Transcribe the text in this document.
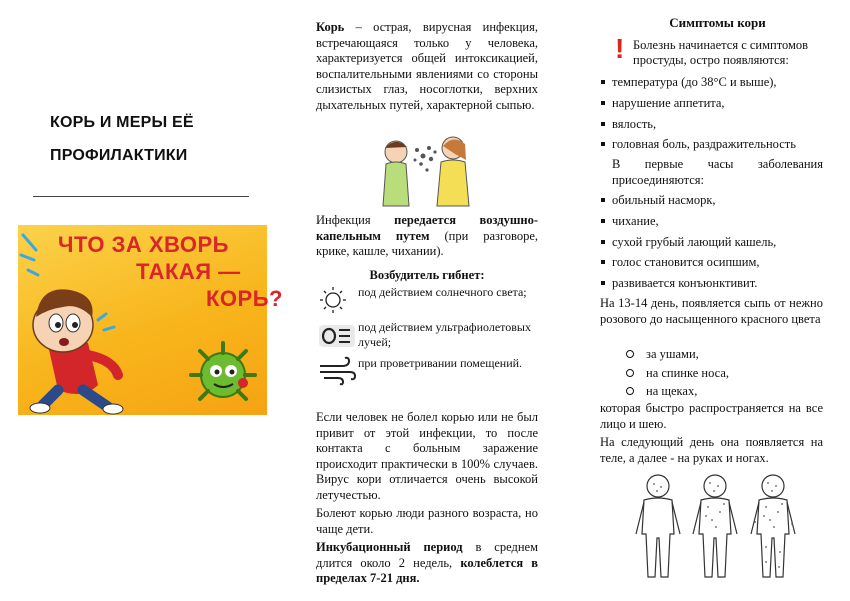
КОРЬ И МЕРЫ ЕЁ
ПРОФИЛАКТИКИ
ЧТО ЗА ХВОРЬ
ТАКАЯ —
КОРЬ?

Корь – острая, вирусная инфекция, встречающаяся только у человека, характеризуется общей интоксикацией, воспалительными явлениями со стороны слизистых глаз, носоглотки, верхних дыхательных путей, характерной сыпью.

Инфекция передается воздушно-капельным путем (при разговоре, крике, кашле, чихании).

Возбудитель гибнет:

под действием солнечного света;
под действием ультрафиолетовых лучей;
при проветривании помещений.

Если человек не болел корью или не был привит от этой инфекции, то после контакта с больным заражение происходит практически в 100% случаев. Вирус кори отличается очень высокой летучестью.

Болеют корью люди разного возраста, но чаще дети.

Инкубационный период в среднем длится около 2 недель, колеблется в пределах 7-21 дня.

Симптомы кори
! Болезнь начинается с симптомов простуды, остро появляются:

температура (до 38°С и выше),
нарушение аппетита,
вялость,
головная боль, раздражительность

В первые часы заболевания присоединяются:

обильный насморк,
чихание,
сухой грубый лающий кашель,
голос становится осипшим,
развивается конъюнктивит.

На 13-14 день, появляется сыпь от нежно розового до насыщенного красного цвета

за ушами,
на спинке носа,
на щеках,

которая быстро распространяется на все лицо и шею.

На следующий день она появляется на теле, а далее - на руках и ногах.
